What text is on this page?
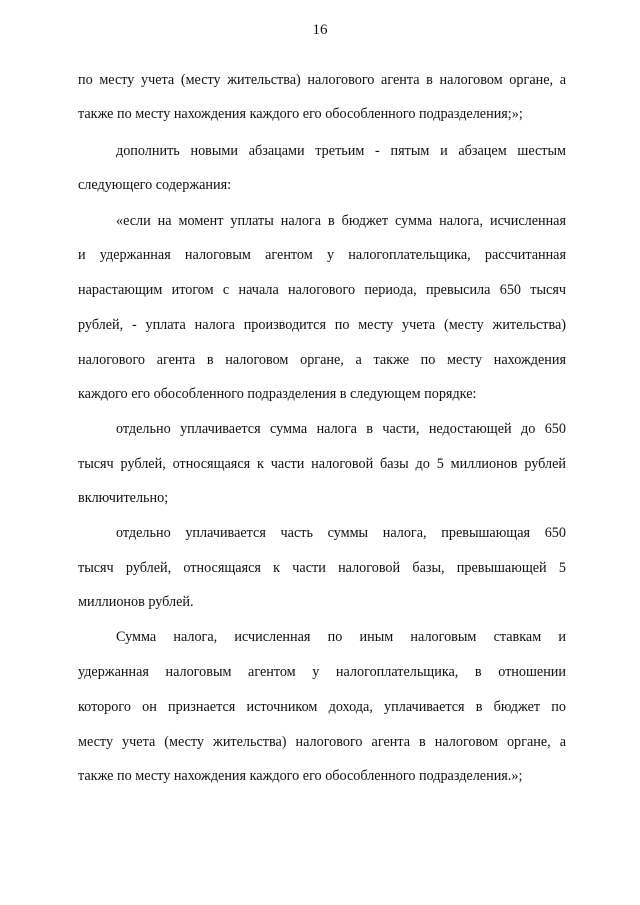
16
по месту учета (месту жительства) налогового агента в налоговом органе, а
также по месту нахождения каждого его обособленного подразделения;»;
дополнить новыми абзацами третьим - пятым и абзацем шестым
следующего содержания:
«если на момент уплаты налога в бюджет сумма налога, исчисленная
и удержанная налоговым агентом у налогоплательщика, рассчитанная
нарастающим итогом с начала налогового периода, превысила 650 тысяч
рублей, - уплата налога производится по месту учета (месту жительства)
налогового агента в налоговом органе, а также по месту нахождения
каждого его обособленного подразделения в следующем порядке:
отдельно уплачивается сумма налога в части, недостающей до 650
тысяч рублей, относящаяся к части налоговой базы до 5 миллионов рублей
включительно;
отдельно уплачивается часть суммы налога, превышающая 650
тысяч рублей, относящаяся к части налоговой базы, превышающей 5
миллионов рублей.
Сумма налога, исчисленная по иным налоговым ставкам и
удержанная налоговым агентом у налогоплательщика, в отношении
которого он признается источником дохода, уплачивается в бюджет по
месту учета (месту жительства) налогового агента в налоговом органе, а
также по месту нахождения каждого его обособленного подразделения.»;
